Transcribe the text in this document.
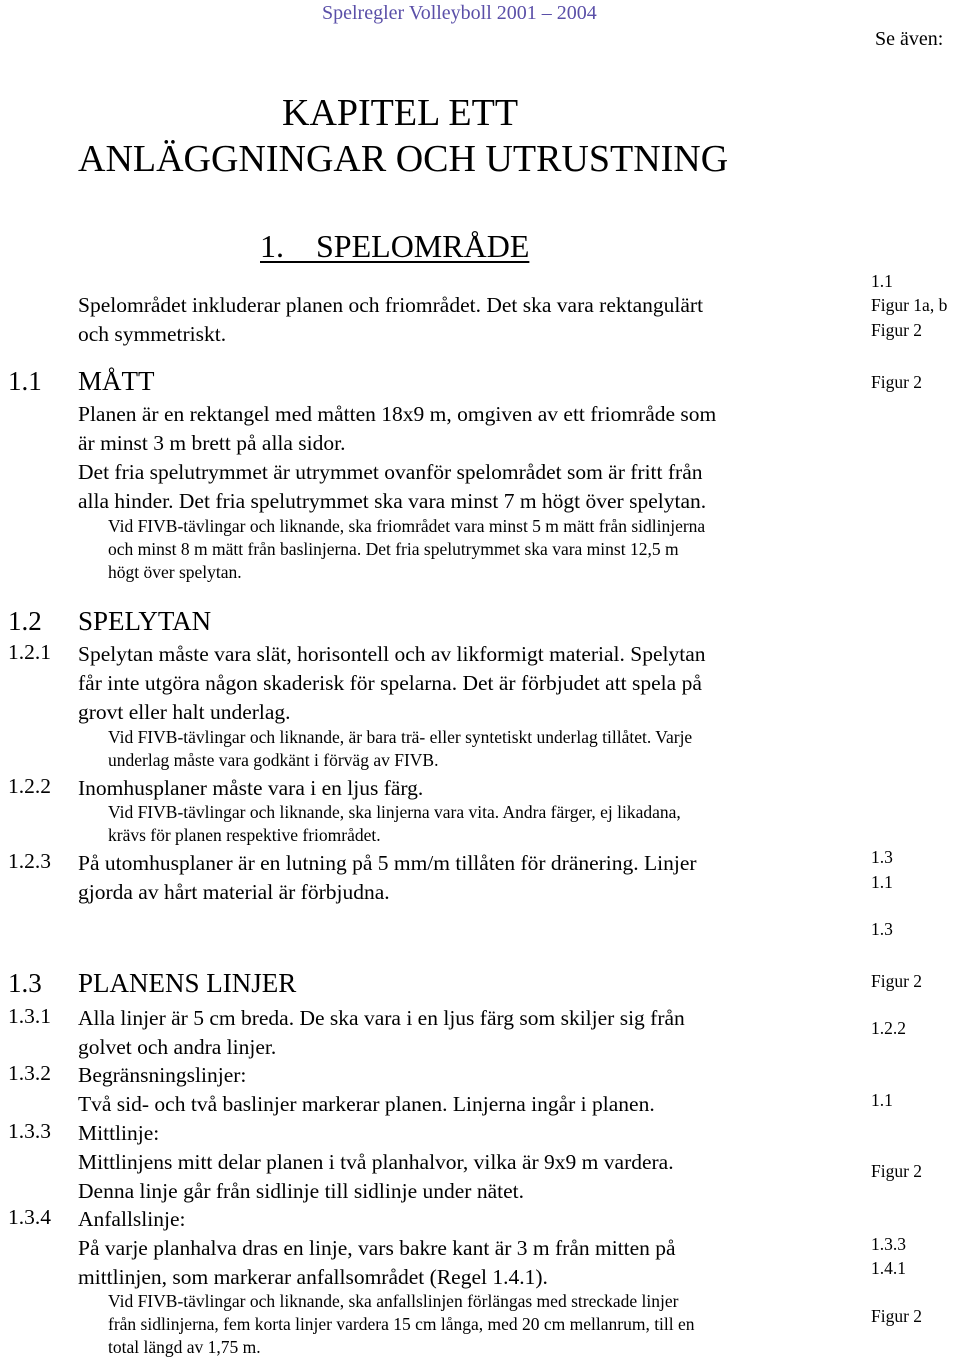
Spelregler Volleyboll 2001 – 2004
Se även:
KAPITEL ETT
ANLÄGGNINGAR OCH UTRUSTNING
1.    SPELOMRÅDE

Spelområdet inkluderar planen och friområdet. Det ska vara rektangulärt

och symmetriskt.

1.1 MÅTT

Planen är en rektangel med måtten 18x9 m, omgiven av ett friområde som

är minst 3 m brett på alla sidor.

Det fria spelutrymmet är utrymmet ovanför spelområdet som är fritt från

alla hinder. Det fria spelutrymmet ska vara minst 7 m högt över spelytan.

Vid FIVB-tävlingar och liknande, ska friområdet vara minst 5 m mätt från sidlinjerna

och minst 8 m mätt från baslinjerna. Det fria spelutrymmet ska vara minst 12,5 m

högt över spelytan.

1.2 SPELYTAN
1.2.1 Spelytan måste vara slät, horisontell och av likformigt material. Spelytan

får inte utgöra någon skaderisk för spelarna. Det är förbjudet att spela på

grovt eller halt underlag.

Vid FIVB-tävlingar och liknande, är bara trä- eller syntetiskt underlag tillåtet. Varje

underlag måste vara godkänt i förväg av FIVB.

1.2.2 Inomhusplaner måste vara i en ljus färg.

Vid FIVB-tävlingar och liknande, ska linjerna vara vita. Andra färger, ej likadana,

krävs för planen respektive friområdet.

1.2.3 På utomhusplaner är en lutning på 5 mm/m tillåten för dränering. Linjer

gjorda av hårt material är förbjudna.

1.3 PLANENS LINJER
1.3.1 Alla linjer är 5 cm breda. De ska vara i en ljus färg som skiljer sig från

golvet och andra linjer.

1.3.2 Begränsningslinjer:

Två sid- och två baslinjer markerar planen. Linjerna ingår i planen.

1.3.3 Mittlinje:

Mittlinjens mitt delar planen i två planhalvor, vilka är 9x9 m vardera.

Denna linje går från sidlinje till sidlinje under nätet.

1.3.4 Anfallslinje:

På varje planhalva dras en linje, vars bakre kant är 3 m från mitten på

mittlinjen, som markerar anfallsområdet (Regel 1.4.1).

Vid FIVB-tävlingar och liknande, ska anfallslinjen förlängas med streckade linjer

från sidlinjerna, fem korta linjer vardera 15 cm långa, med 20 cm mellanrum, till en

total längd av 1,75 m.

1.1
Figur 1a, b
Figur 2
Figur 2
1.3
1.1
1.3
Figur 2
1.2.2
1.1
Figur 2
1.3.3
1.4.1
Figur 2
